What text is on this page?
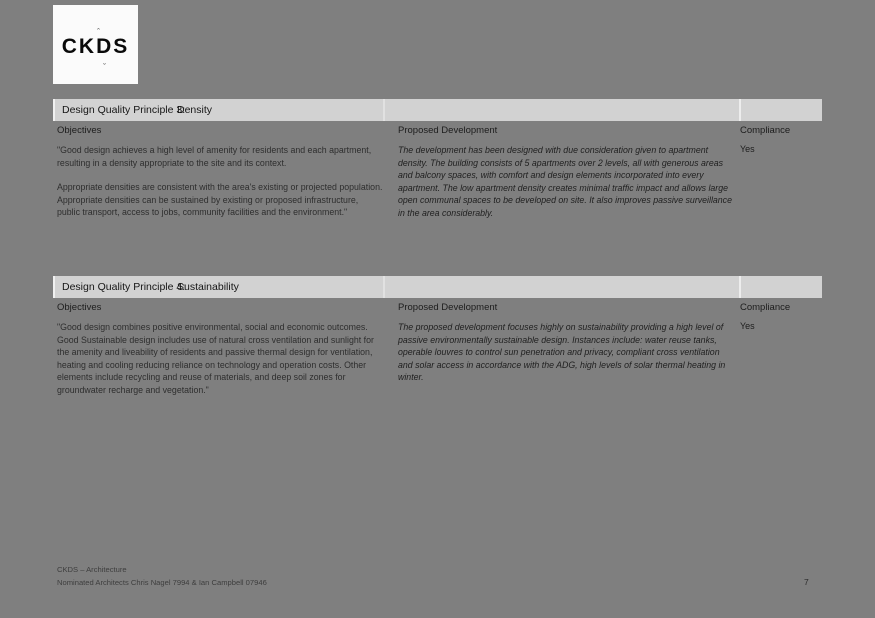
ˆ
CKDS
ˇ
Design Quality Principle 3:
Density

Objectives

"Good design achieves a high level of amenity for residents and each apartment, resulting in a density appropriate to the site and its context.

Appropriate densities are consistent with the area's existing or projected population. Appropriate densities can be sustained by existing or proposed infrastructure, public transport, access to jobs, community facilities and the environment."

Proposed Development

The development has been designed with due consideration given to apartment density. The building consists of 5 apartments over 2 levels, all with generous areas and balcony spaces, with comfort and design elements incorporated into every apartment. The low apartment density creates minimal traffic impact and allows large open communal spaces to be developed on site. It also improves passive surveillance in the area considerably.

Compliance

Yes
Design Quality Principle 4:
Sustainability

Objectives

"Good design combines positive environmental, social and economic outcomes. Good Sustainable design includes use of natural cross ventilation and sunlight for the amenity and liveability of residents and passive thermal design for ventilation, heating and cooling reducing reliance on technology and operation costs. Other elements include recycling and reuse of materials, and deep soil zones for groundwater recharge and vegetation."

Proposed Development

The proposed development focuses highly on sustainability providing a high level of passive environmentally sustainable design. Instances include: water reuse tanks, operable louvres to control sun penetration and privacy, compliant cross ventilation and solar access in accordance with the ADG, high levels of solar thermal heating in winter.

Compliance

Yes
CKDS – Architecture
Nominated Architects Chris Nagel 7994 & Ian Campbell 07946	7
